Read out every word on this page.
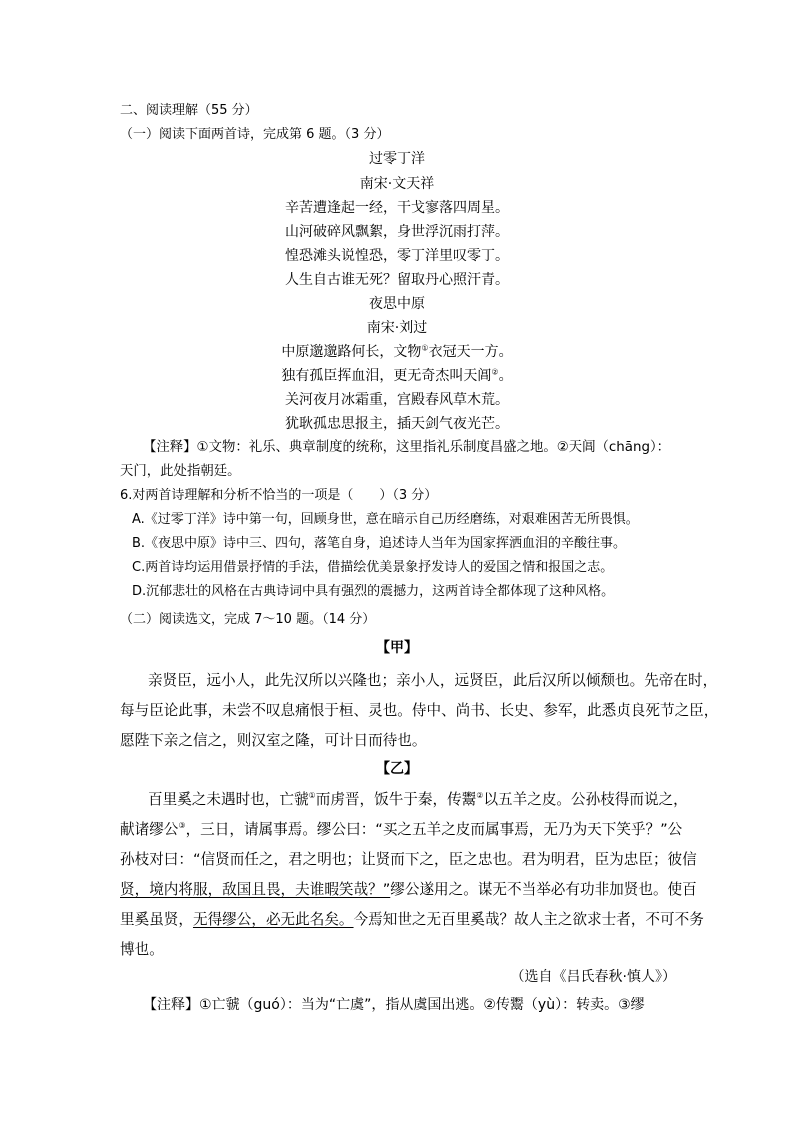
二、阅读理解（55 分）
（一）阅读下面两首诗，完成第 6 题。（3 分）
过零丁洋
南宋·文天祥
辛苦遭逢起一经，干戈寥落四周星。
山河破碎风飘絮，身世浮沉雨打萍。
惶恐滩头说惶恐，零丁洋里叹零丁。
人生自古谁无死？留取丹心照汗青。
夜思中原
南宋·刘过
中原邈邈路何长，文物①衣冠天一方。
独有孤臣挥血泪，更无奇杰叫天阊②。
关河夜月冰霜重，宫殿春风草木荒。
犹耿孤忠思报主，插天剑气夜光芒。
【注释】①文物：礼乐、典章制度的统称，这里指礼乐制度昌盛之地。②天阊（chāng）：
天门，此处指朝廷。
6.对两首诗理解和分析不恰当的一项是（　　）（3 分）
A.《过零丁洋》诗中第一句，回顾身世，意在暗示自己历经磨练，对艰难困苦无所畏惧。
B.《夜思中原》诗中三、四句，落笔自身，追述诗人当年为国家挥洒血泪的辛酸往事。
C.两首诗均运用借景抒情的手法，借描绘优美景象抒发诗人的爱国之情和报国之志。
D.沉郁悲壮的风格在古典诗词中具有强烈的震撼力，这两首诗全都体现了这种风格。
（二）阅读选文，完成 7～10 题。（14 分）
【甲】
亲贤臣，远小人，此先汉所以兴隆也；亲小人，远贤臣，此后汉所以倾颓也。先帝在时，
每与臣论此事，未尝不叹息痛恨于桓、灵也。侍中、尚书、长史、参军，此悉贞良死节之臣，
愿陛下亲之信之，则汉室之隆，可计日而待也。
【乙】
百里奚之未遇时也，亡虢①而虏晋，饭牛于秦，传鬻②以五羊之皮。公孙枝得而说之，
献诸缪公③，三日，请属事焉。缪公曰：“买之五羊之皮而属事焉，无乃为天下笑乎？”公
孙枝对曰：“信贤而任之，君之明也；让贤而下之，臣之忠也。君为明君，臣为忠臣；彼信
贤，境内将服，敌国且畏，夫谁暇笑哉？”缪公遂用之。谋无不当举必有功非加贤也。使百
里奚虽贤，无得缪公，必无此名矣。今焉知世之无百里奚哉？故人主之欲求士者，不可不务
博也。
（选自《吕氏春秋·慎人》）
【注释】①亡虢（guó）：当为“亡虞”，指从虞国出逃。②传鬻（yù）：转卖。③缪
